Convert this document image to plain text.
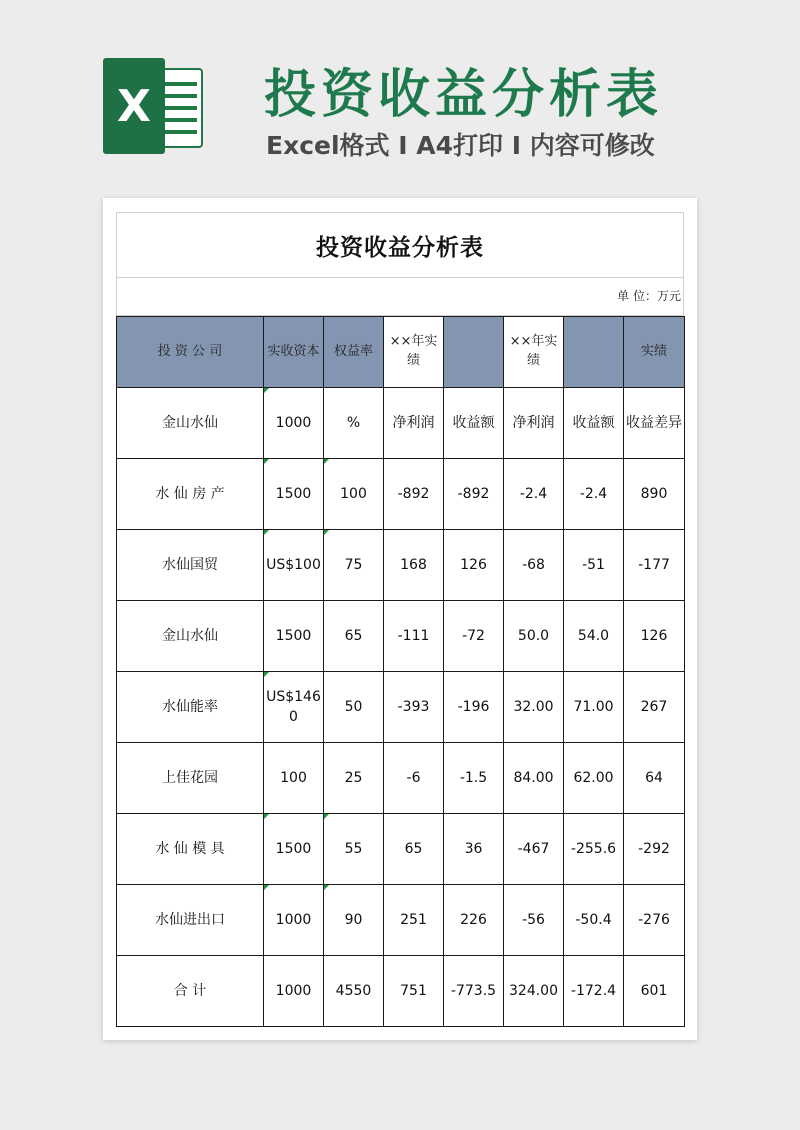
X 投资收益分析表
Excel格式 I A4打印 I 内容可修改
投资收益分析表
单 位：万元
投 资 公 司	实收资本	权益率	××年实绩		××年实绩		实绩
金山水仙	1000	%	净利润	收益额	净利润	收益额	收益差异
水 仙 房 产	1500	100	-892	-892	-2.4	-2.4	890
水仙国贸	US$100	75	168	126	-68	-51	-177
金山水仙	1500	65	-111	-72	50.0	54.0	126
水仙能率	US$1460	50	-393	-196	32.00	71.00	267
上佳花园	100	25	-6	-1.5	84.00	62.00	64
水 仙 模 具	1500	55	65	36	-467	-255.6	-292
水仙进出口	1000	90	251	226	-56	-50.4	-276
合 计	1000	4550	751	-773.5	324.00	-172.4	601
